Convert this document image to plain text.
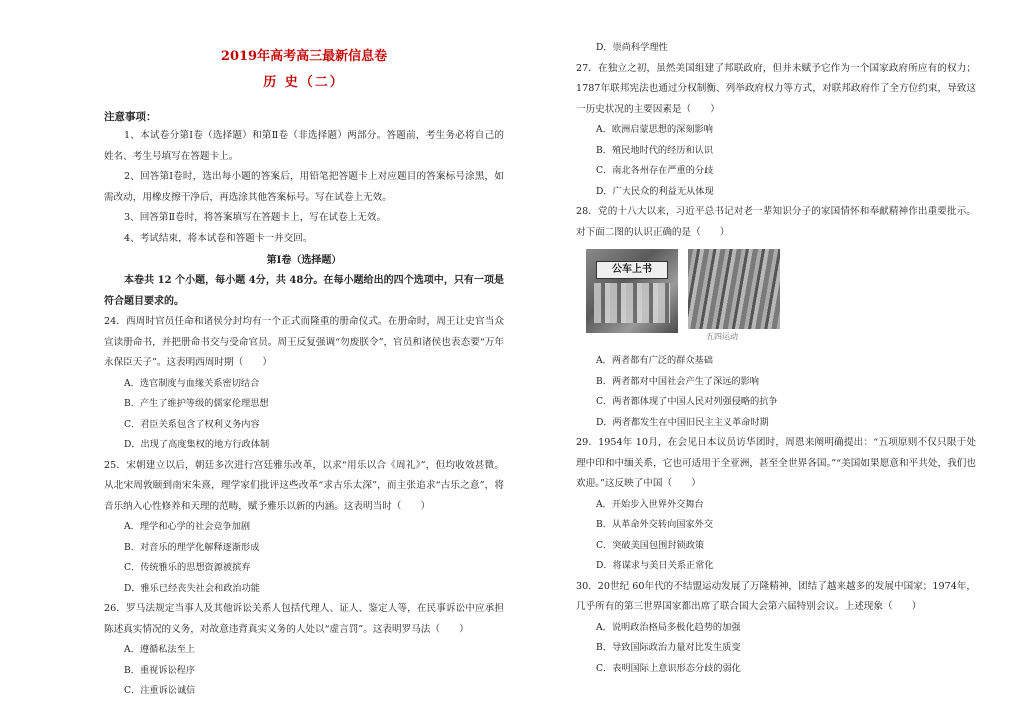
2019年高考高三最新信息卷
历 史（二）
注意事项：

1、本试卷分第Ⅰ卷（选择题）和第Ⅱ卷（非选择题）两部分。答题前，考生务必将自己的姓名、考生号填写在答题卡上。

2、回答第Ⅰ卷时，选出每小题的答案后，用铅笔把答题卡上对应题目的答案标号涂黑，如需改动，用橡皮擦干净后，再选涂其他答案标号。写在试卷上无效。

3、回答第Ⅱ卷时，将答案填写在答题卡上，写在试卷上无效。

4、考试结束，将本试卷和答题卡一并交回。

第Ⅰ卷（选择题）

本卷共 12 个小题，每小题 4分，共 48分。在每小题给出的四个选项中，只有一项是符合题目要求的。

24．西周时官员任命和诸侯分封均有一个正式而隆重的册命仪式。在册命时，周王让史官当众宣读册命书，并把册命书交与受命官员。周王反复强调“勿废朕令”，官员和诸侯也表态要“万年永保臣天子”。这表明西周时期（　　）

A．选官制度与血缘关系密切结合
B．产生了维护等级的儒家伦理思想
C．君臣关系包含了权利义务内容
D．出现了高度集权的地方行政体制

25．宋朝建立以后，朝廷多次进行宫廷雅乐改革，以求“用乐以合《周礼》”，但均收效甚微。从北宋周敦颐到南宋朱熹，理学家们批评这些改革“求古乐太深”，而主张追求“古乐之意”，将音乐纳入心性修养和天理的范畴，赋予雅乐以新的内涵。这表明当时（　　）

A．理学和心学的社会竞争加剧
B．对音乐的理学化解释逐渐形成
C．传统雅乐的思想资源被摈弃
D．雅乐已经丧失社会和政治功能

26．罗马法规定当事人及其他诉讼关系人包括代理人、证人、鉴定人等，在民事诉讼中应承担陈述真实情况的义务，对故意违背真实义务的人处以“虚言罚”。这表明罗马法（　　）

A．遵循私法至上
B．重视诉讼程序
C．注重诉讼诚信
D．崇尚科学理性

27．在独立之初，虽然美国组建了邦联政府，但并未赋予它作为一个国家政府所应有的权力；1787年联邦宪法也通过分权制衡、列举政府权力等方式，对联邦政府作了全方位约束，导致这一历史状况的主要因素是（　　）

A．欧洲启蒙思想的深刻影响
B．殖民地时代的经历和认识
C．南北各州存在严重的分歧
D．广大民众的利益无从体现

28．党的十八大以来，习近平总书记对老一辈知识分子的家国情怀和奉献精神作出重要批示。对下面二图的认识正确的是（　　）

公车上书
五四运动
A．两者都有广泛的群众基础
B．两者都对中国社会产生了深远的影响
C．两者都体现了中国人民对列强侵略的抗争
D．两者都发生在中国旧民主主义革命时期

29．1954年 10月，在会见日本议员访华团时，周恩来阐明确提出：“五项原则不仅只限于处理中印和中缅关系，它也可适用于全亚洲，甚至全世界各国。”“美国如果愿意和平共处，我们也欢迎。”这反映了中国（　　）

A．开始步入世界外交舞台
B．从革命外交转向国家外交
C．突破美国包围封锁政策
D．将谋求与美日关系正常化

30．20世纪 60年代的不结盟运动发展了万隆精神，团结了越来越多的发展中国家；1974年，几乎所有的第三世界国家都出席了联合国大会第六届特别会议。上述现象（　　）

A．说明政治格局多极化趋势的加强
B．导致国际政治力量对比发生质变
C．表明国际上意识形态分歧的弱化
